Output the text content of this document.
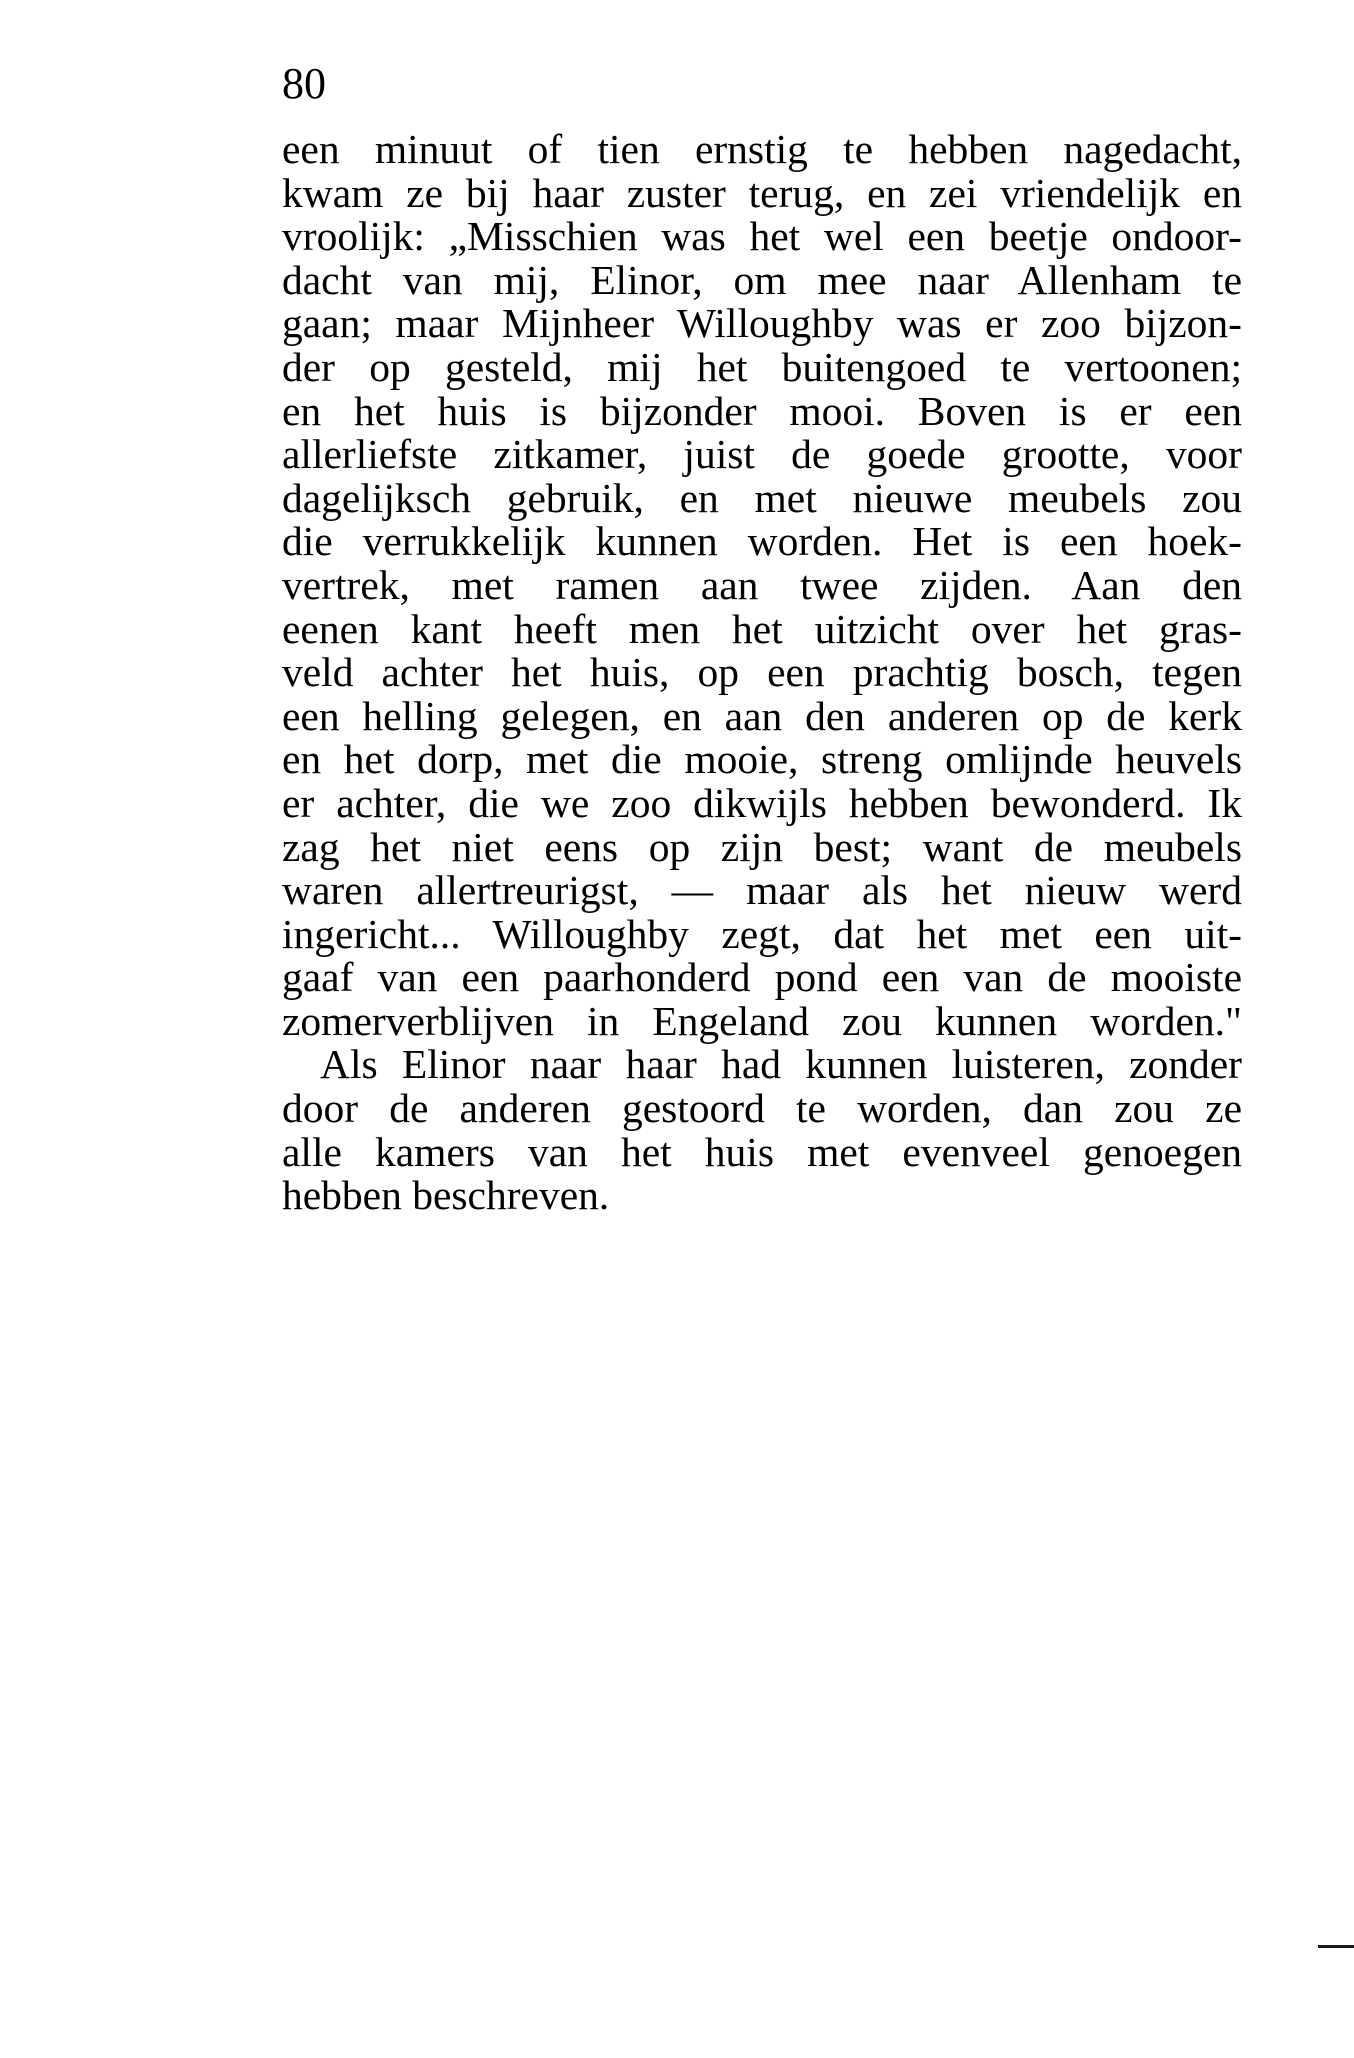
80
een minuut of tien ernstig te hebben nagedacht,
kwam ze bij haar zuster terug, en zei vriendelijk en
vroolijk: „Misschien was het wel een beetje ondoor-
dacht van mij, Elinor, om mee naar Allenham te
gaan; maar Mijnheer Willoughby was er zoo bijzon-
der op gesteld, mij het buitengoed te vertoonen;
en het huis is bijzonder mooi. Boven is er een
allerliefste zitkamer, juist de goede grootte, voor
dagelijksch gebruik, en met nieuwe meubels zou
die verrukkelijk kunnen worden. Het is een hoek-
vertrek, met ramen aan twee zijden. Aan den
eenen kant heeft men het uitzicht over het gras-
veld achter het huis, op een prachtig bosch, tegen
een helling gelegen, en aan den anderen op de kerk
en het dorp, met die mooie, streng omlijnde heuvels
er achter, die we zoo dikwijls hebben bewonderd. Ik
zag het niet eens op zijn best; want de meubels
waren allertreurigst, — maar als het nieuw werd
ingericht... Willoughby zegt, dat het met een uit-
gaaf van een paarhonderd pond een van de mooiste
zomerverblijven in Engeland zou kunnen worden."
Als Elinor naar haar had kunnen luisteren, zonder
door de anderen gestoord te worden, dan zou ze
alle kamers van het huis met evenveel genoegen
hebben beschreven.
